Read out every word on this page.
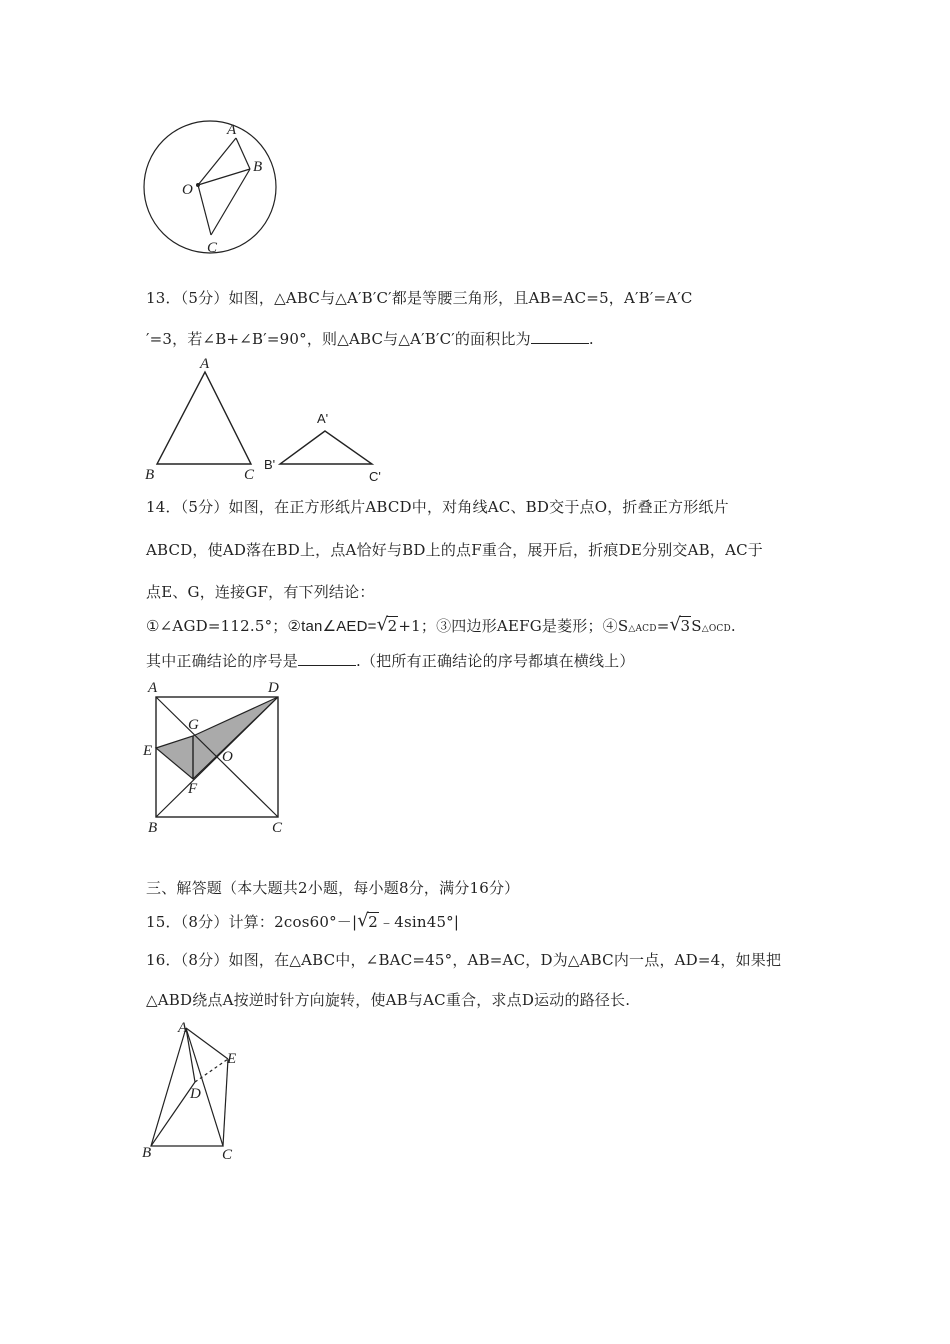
A
B
O
C
13．（5分）如图，△ABC与△A′B′C′都是等腰三角形，且AB=AC=5，A′B′=A′C
′=3，若∠B+∠B′=90°，则△ABC与△A′B′C′的面积比为	.
A
B	C
A'
B'
C'
14．（5分）如图，在正方形纸片ABCD中，对角线AC、BD交于点O，折叠正方形纸片
ABCD，使AD落在BD上，点A恰好与BD上的点F重合，展开后，折痕DE分别交AB，AC于
点E、G，连接GF，有下列结论：
①∠AGD=112.5°；②tan∠AED= √ 2+1；③四边形AEFG是菱形；④S△ACD= √ 3S△OCD.
其中正确结论的序号是	.（把所有正确结论的序号都填在横线上）
A	D
G
E	O
F
B	C
三、解答题（本大题共2小题，每小题8分，满分16分）
15．（8分）计算：2cos60°－| √ 2﹣4sin45°|
16．（8分）如图，在△ABC中，∠BAC=45°，AB=AC，D为△ABC内一点，AD=4，如果把
△ABD绕点A按逆时针方向旋转，使AB与AC重合，求点D运动的路径长.
A
E
D
B	C
